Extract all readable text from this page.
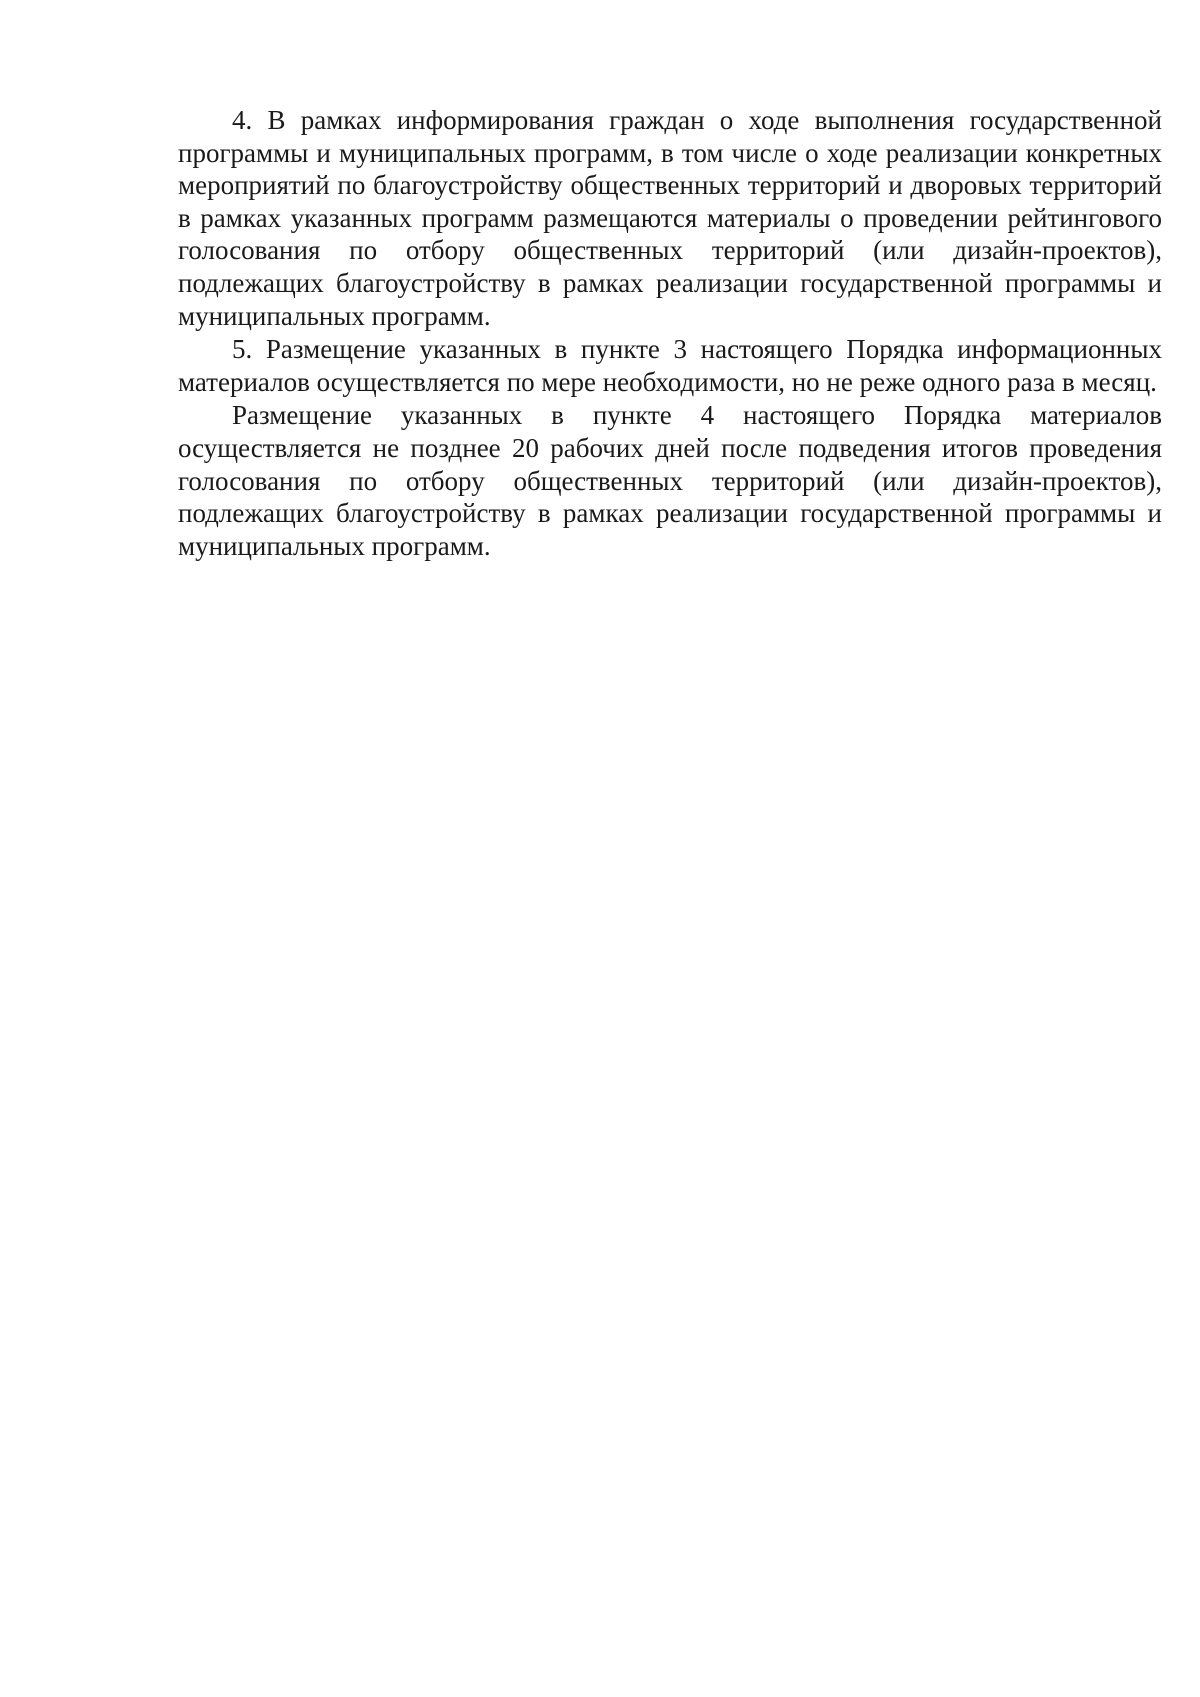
4. В рамках информирования граждан о ходе выполнения государственной программы и муниципальных программ, в том числе о ходе реализации конкретных мероприятий по благоустройству общественных территорий и дворовых территорий в рамках указанных программ размещаются материалы о проведении рейтингового голосования по отбору общественных территорий (или дизайн-проектов), подлежащих благоустройству в рамках реализации государственной программы и муниципальных программ.

5. Размещение указанных в пункте 3 настоящего Порядка информационных материалов осуществляется по мере необходимости, но не реже одного раза в месяц.

Размещение указанных в пункте 4 настоящего Порядка материалов осуществляется не позднее 20 рабочих дней после подведения итогов проведения голосования по отбору общественных территорий (или дизайн-проектов), подлежащих благоустройству в рамках реализации государственной программы и муниципальных программ.
